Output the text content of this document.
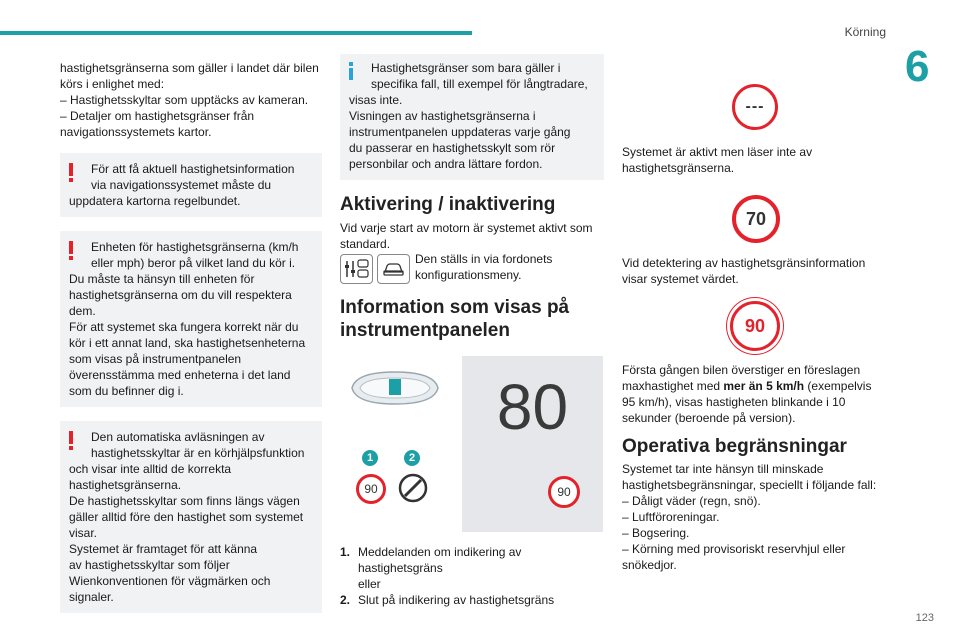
Körning
6

hastighetsgränserna som gäller i landet där bilen
körs i enlighet med:
– Hastighetsskyltar som upptäcks av kameran.
– Detaljer om hastighetsgränser från
navigationssystemets kartor.

För att få aktuell hastighetsinformation
via navigationssystemet måste du
uppdatera kartorna regelbundet.
Enheten för hastighetsgränserna (km/h
eller mph) beror på vilket land du kör i.
Du måste ta hänsyn till enheten för
hastighetsgränserna om du vill respektera
dem.
För att systemet ska fungera korrekt när du
kör i ett annat land, ska hastighetsenheterna
som visas på instrumentpanelen
överensstämma med enheterna i det land
som du befinner dig i.
Den automatiska avläsningen av
hastighetsskyltar är en körhjälpsfunktion
och visar inte alltid de korrekta
hastighetsgränserna.
De hastighetsskyltar som finns längs vägen
gäller alltid före den hastighet som systemet
visar.
Systemet är framtaget för att känna
av hastighetsskyltar som följer
Wienkonventionen för vägmärken och
signaler.
Hastighetsgränser som bara gäller i
specifika fall, till exempel för långtradare,
visas inte.
Visningen av hastighetsgränserna i
instrumentpanelen uppdateras varje gång
du passerar en hastighetsskylt som rör
personbilar och andra lättare fordon.
Aktivering / inaktivering

Vid varje start av motorn är systemet aktivt som
standard.

Den ställs in via fordonets
konfigurationsmeny.
Information som visas på
instrumentpanelen
80
90
1	2
90
1. Meddelanden om indikering av
hastighetsgräns
eller
2. Slut på indikering av hastighetsgräns
---
70
90
Systemet är aktivt men läser inte av
hastighetsgränserna.
Vid detektering av hastighetsgränsinformation
visar systemet värdet.
Första gången bilen överstiger en föreslagen
maxhastighet med mer än 5 km/h (exempelvis
95 km/h), visas hastigheten blinkande i 10
sekunder (beroende på version).
Operativa begränsningar
Systemet tar inte hänsyn till minskade
hastighetsbegränsningar, speciellt i följande fall:
– Dåligt väder (regn, snö).
– Luftföroreningar.
– Bogsering.
– Körning med provisoriskt reservhjul eller
snökedjor.
123
